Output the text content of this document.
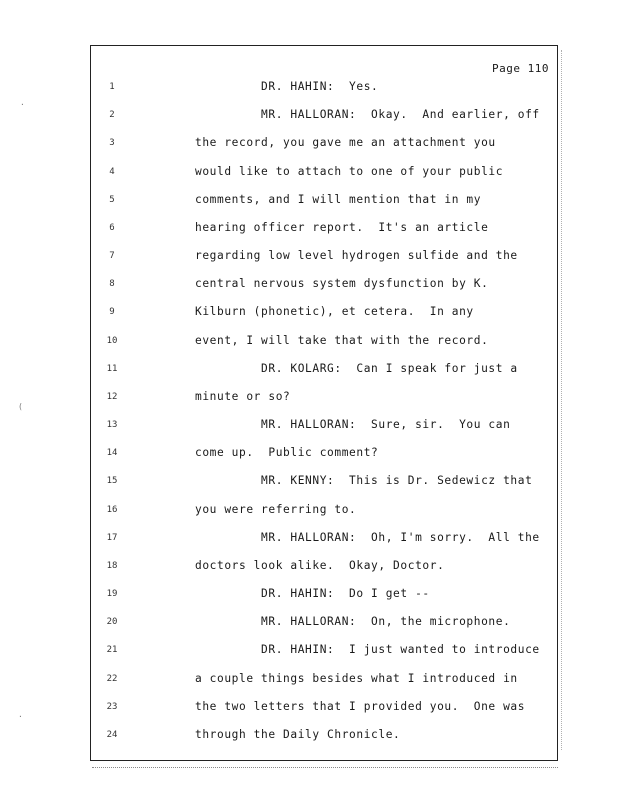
Page 110
1	DR. HAHIN:  Yes.
2	MR. HALLORAN:  Okay.  And earlier, off
3	the record, you gave me an attachment you
4	would like to attach to one of your public
5	comments, and I will mention that in my
6	hearing officer report.  It's an article
7	regarding low level hydrogen sulfide and the
8	central nervous system dysfunction by K.
9	Kilburn (phonetic), et cetera.  In any
10	event, I will take that with the record.
11	DR. KOLARG:  Can I speak for just a
12	minute or so?
13	MR. HALLORAN:  Sure, sir.  You can
14	come up.  Public comment?
15	MR. KENNY:  This is Dr. Sedewicz that
16	you were referring to.
17	MR. HALLORAN:  Oh, I'm sorry.  All the
18	doctors look alike.  Okay, Doctor.
19	DR. HAHIN:  Do I get --
20	MR. HALLORAN:  On, the microphone.
21	DR. HAHIN:  I just wanted to introduce
22	a couple things besides what I introduced in
23	the two letters that I provided you.  One was
24	through the Daily Chronicle.
·
(
·
